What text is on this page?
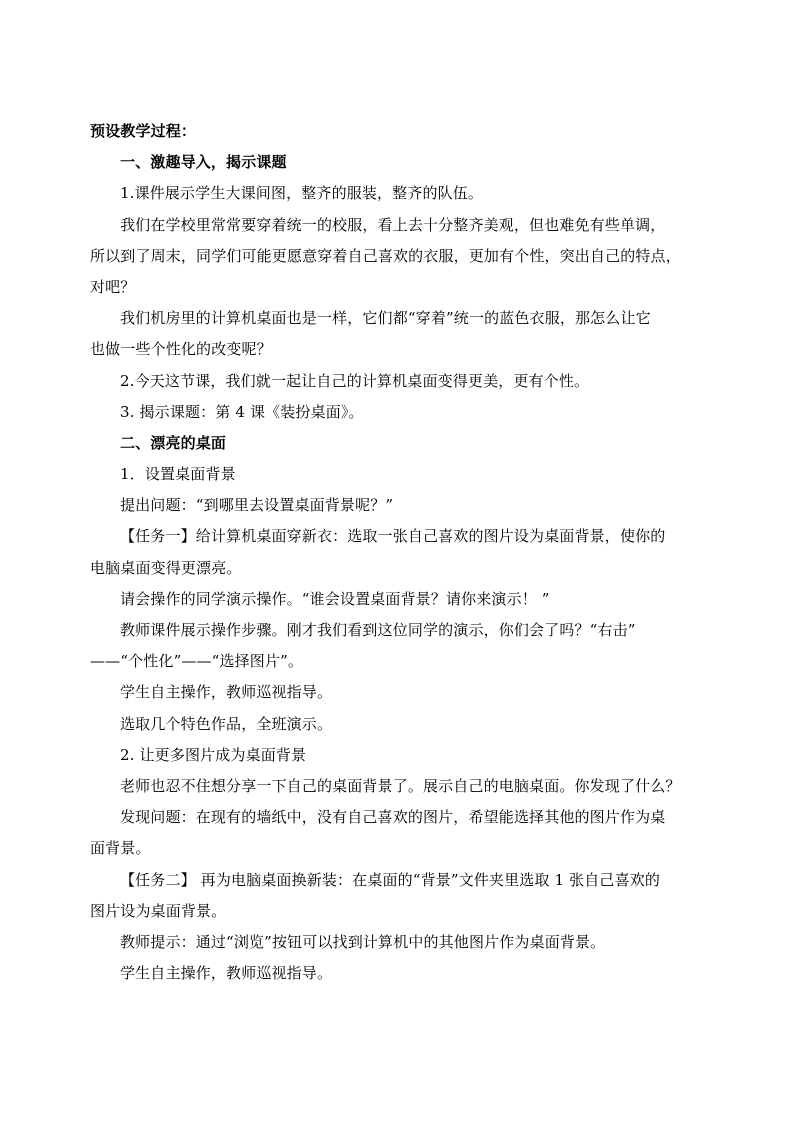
预设教学过程：
一、激趣导入，揭示课题
1.课件展示学生大课间图，整齐的服装，整齐的队伍。
我们在学校里常常要穿着统一的校服，看上去十分整齐美观，但也难免有些单调，
所以到了周末，同学们可能更愿意穿着自己喜欢的衣服，更加有个性，突出自己的特点，
对吧？
我们机房里的计算机桌面也是一样，它们都“穿着”统一的蓝色衣服，那怎么让它
也做一些个性化的改变呢？
2.今天这节课，我们就一起让自己的计算机桌面变得更美，更有个性。
3. 揭示课题：第 4 课《装扮桌面》。
二、漂亮的桌面
1．设置桌面背景
提出问题：“到哪里去设置桌面背景呢？”
【任务一】给计算机桌面穿新衣：选取一张自己喜欢的图片设为桌面背景，使你的
电脑桌面变得更漂亮。
请会操作的同学演示操作。“谁会设置桌面背景？请你来演示！ ”
教师课件展示操作步骤。刚才我们看到这位同学的演示，你们会了吗？“右击”
——“个性化”——“选择图片”。
学生自主操作，教师巡视指导。
选取几个特色作品，全班演示。
2. 让更多图片成为桌面背景
老师也忍不住想分享一下自己的桌面背景了。展示自己的电脑桌面。你发现了什么？
发现问题：在现有的墙纸中，没有自己喜欢的图片，希望能选择其他的图片作为桌
面背景。
【任务二】 再为电脑桌面换新装：在桌面的“背景”文件夹里选取 1 张自己喜欢的
图片设为桌面背景。
教师提示：通过“浏览”按钮可以找到计算机中的其他图片作为桌面背景。
学生自主操作，教师巡视指导。
